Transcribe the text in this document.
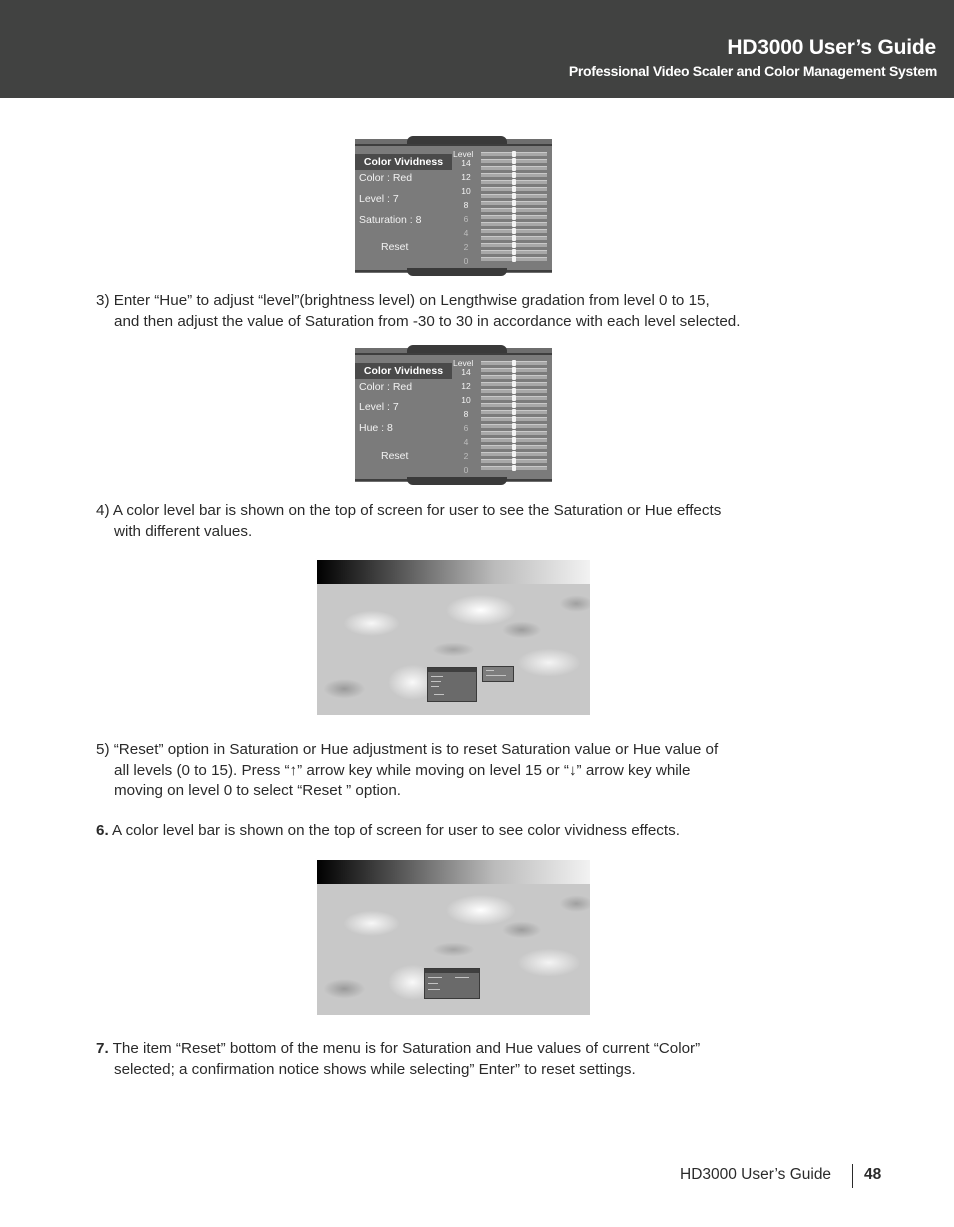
HD3000 User’s Guide
Professional Video Scaler and Color Management System
Color Vividness
Color : Red
Level : 7
Saturation : 8
Reset
Level
14
12
10
8
6
4
2
0
3) Enter “Hue” to adjust “level”(brightness level) on Lengthwise gradation from level 0 to 15,
and then adjust the value of Saturation from -30 to 30 in accordance with each level selected.
Color Vividness
Color : Red
Level : 7
Hue : 8
Reset
Level
14
12
10
8
6
4
2
0
4) A color level bar is shown on the top of screen for user to see the Saturation or Hue effects
with different values.
5) “Reset” option in Saturation or Hue adjustment is to reset Saturation value or Hue value of
all levels (0 to 15). Press “↑” arrow key while moving on level 15 or “↓” arrow key while
moving on level 0 to select “Reset ” option.
6. A color level bar is shown on the top of screen for user to see color vividness effects.
7. The item “Reset” bottom of the menu is for Saturation and Hue values of current “Color”
selected; a confirmation notice shows while selecting” Enter” to reset settings.
HD3000 User’s Guide 48
